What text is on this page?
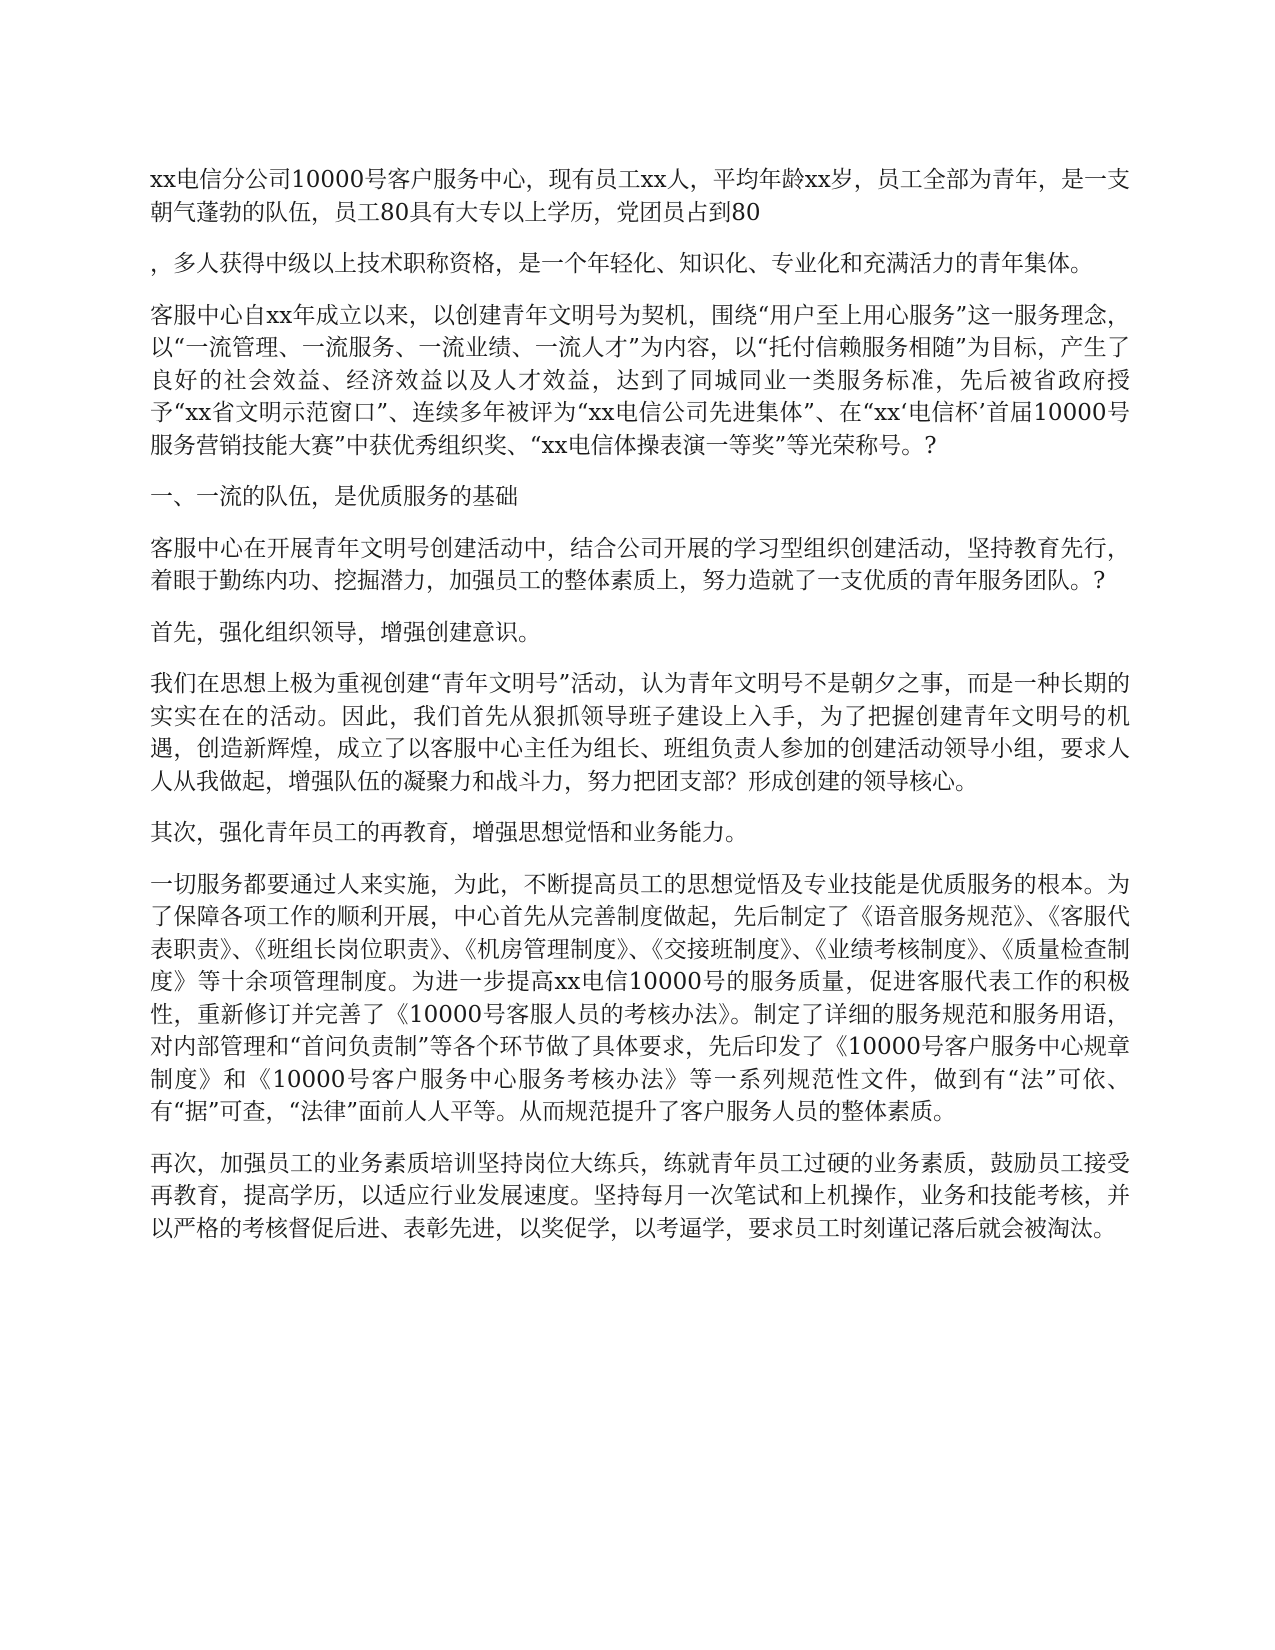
xx电信分公司10000号客户服务中心，现有员工xx人，平均年龄xx岁，员工全部为青年，是一支朝气蓬勃的队伍，员工80具有大专以上学历，党团员占到80

，多人获得中级以上技术职称资格，是一个年轻化、知识化、专业化和充满活力的青年集体。

客服中心自xx年成立以来，以创建青年文明号为契机，围绕“用户至上用心服务”这一服务理念，以“一流管理、一流服务、一流业绩、一流人才”为内容，以“托付信赖服务相随”为目标，产生了良好的社会效益、经济效益以及人才效益，达到了同城同业一类服务标准，先后被省政府授予“xx省文明示范窗口”、连续多年被评为“xx电信公司先进集体”、在“xx‘电信杯’首届10000号服务营销技能大赛”中获优秀组织奖、“xx电信体操表演一等奖”等光荣称号。?

一、一流的队伍，是优质服务的基础

客服中心在开展青年文明号创建活动中，结合公司开展的学习型组织创建活动，坚持教育先行，着眼于勤练内功、挖掘潜力，加强员工的整体素质上，努力造就了一支优质的青年服务团队。?

首先，强化组织领导，增强创建意识。

我们在思想上极为重视创建“青年文明号”活动，认为青年文明号不是朝夕之事，而是一种长期的实实在在的活动。因此，我们首先从狠抓领导班子建设上入手，为了把握创建青年文明号的机遇，创造新辉煌，成立了以客服中心主任为组长、班组负责人参加的创建活动领导小组，要求人人从我做起，增强队伍的凝聚力和战斗力，努力把团支部？形成创建的领导核心。

其次，强化青年员工的再教育，增强思想觉悟和业务能力。

一切服务都要通过人来实施，为此，不断提高员工的思想觉悟及专业技能是优质服务的根本。为了保障各项工作的顺利开展，中心首先从完善制度做起，先后制定了《语音服务规范》、《客服代表职责》、《班组长岗位职责》、《机房管理制度》、《交接班制度》、《业绩考核制度》、《质量检查制度》等十余项管理制度。为进一步提高xx电信10000号的服务质量，促进客服代表工作的积极性，重新修订并完善了《10000号客服人员的考核办法》。制定了详细的服务规范和服务用语，对内部管理和“首问负责制”等各个环节做了具体要求，先后印发了《10000号客户服务中心规章制度》和《10000号客户服务中心服务考核办法》等一系列规范性文件，做到有“法”可依、有“据”可查，“法律”面前人人平等。从而规范提升了客户服务人员的整体素质。

再次，加强员工的业务素质培训坚持岗位大练兵，练就青年员工过硬的业务素质，鼓励员工接受再教育，提高学历，以适应行业发展速度。坚持每月一次笔试和上机操作，业务和技能考核，并以严格的考核督促后进、表彰先进，以奖促学，以考逼学，要求员工时刻谨记落后就会被淘汰。
